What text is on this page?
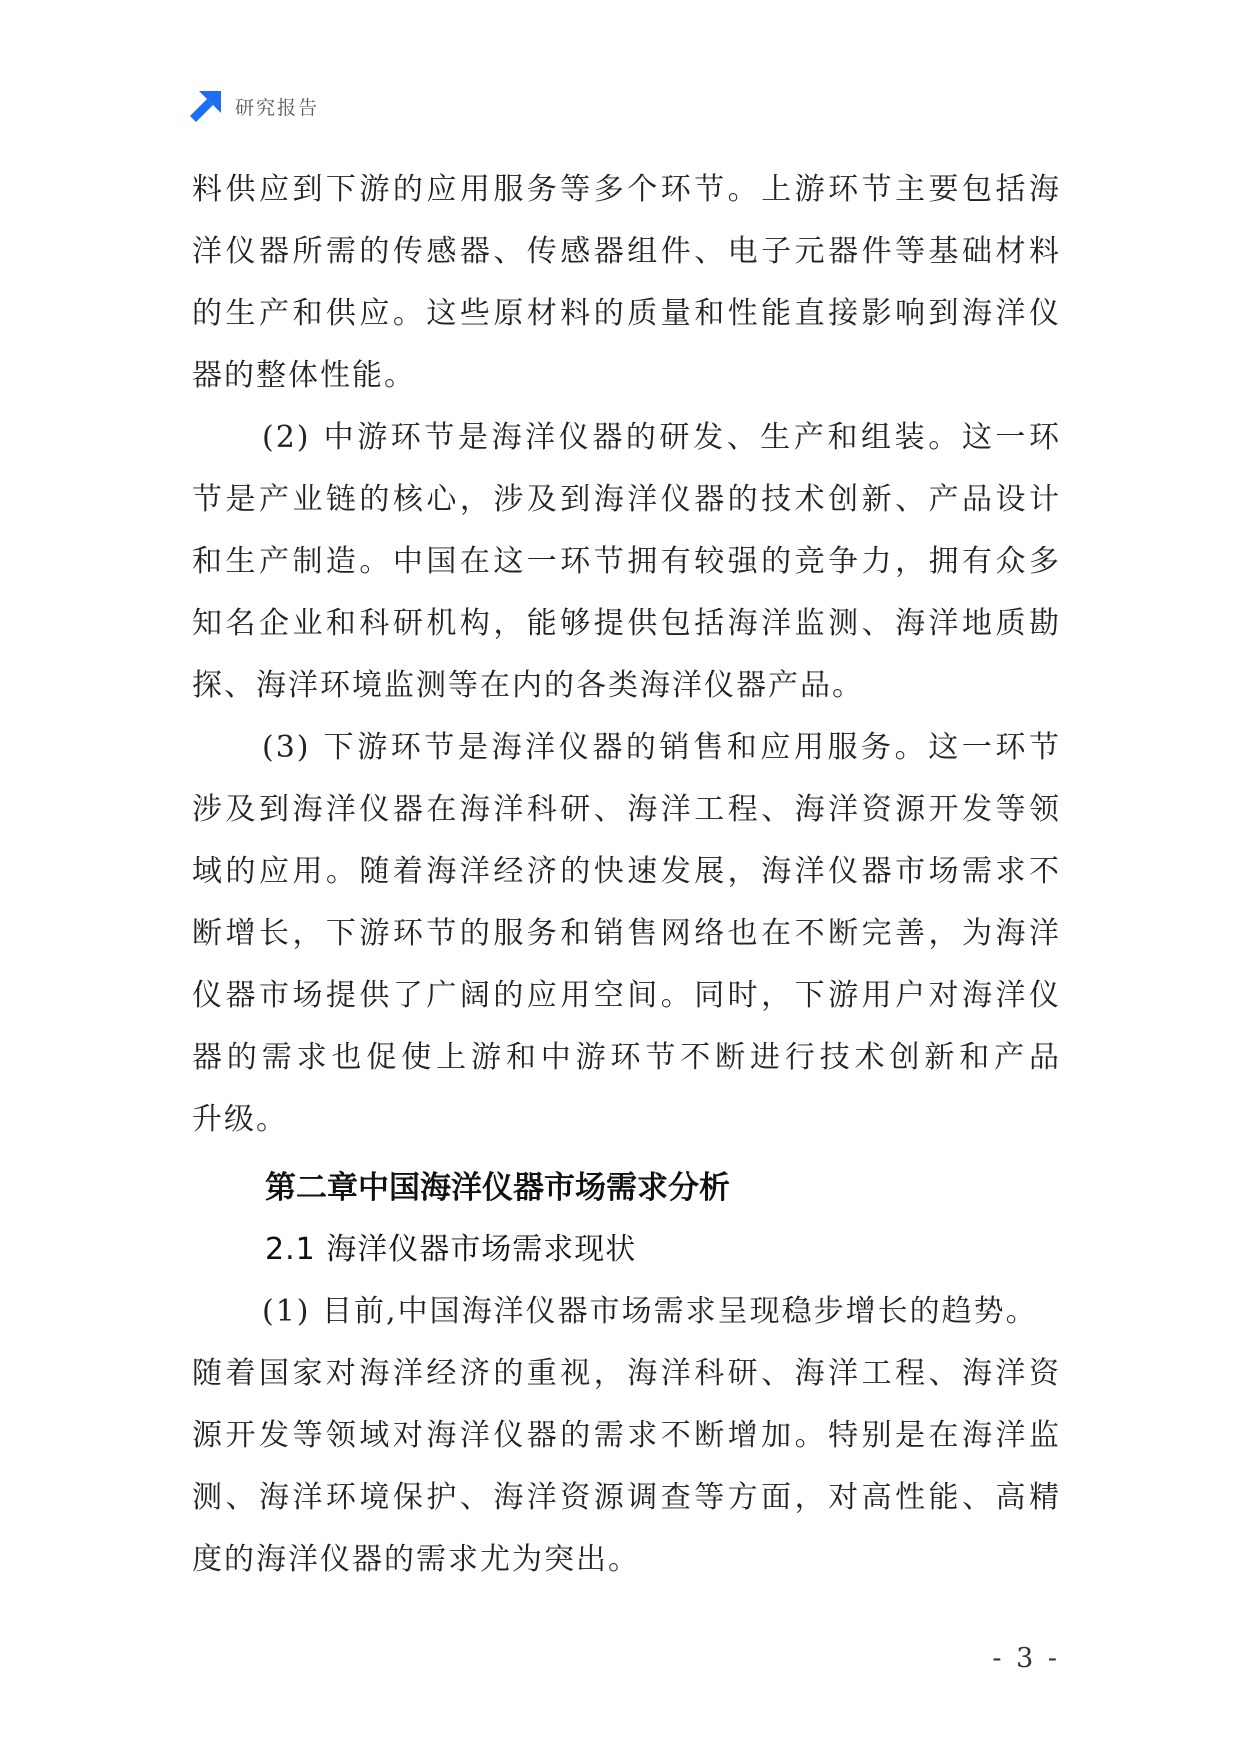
研究报告
料供应到下游的应用服务等多个环节。上游环节主要包括海
洋仪器所需的传感器、传感器组件、电子元器件等基础材料
的生产和供应。这些原材料的质量和性能直接影响到海洋仪
器的整体性能。
(2) 中游环节是海洋仪器的研发、生产和组装。这一环
节是产业链的核心，涉及到海洋仪器的技术创新、产品设计
和生产制造。中国在这一环节拥有较强的竞争力，拥有众多
知名企业和科研机构，能够提供包括海洋监测、海洋地质勘
探、海洋环境监测等在内的各类海洋仪器产品。
(3) 下游环节是海洋仪器的销售和应用服务。这一环节
涉及到海洋仪器在海洋科研、海洋工程、海洋资源开发等领
域的应用。随着海洋经济的快速发展，海洋仪器市场需求不
断增长，下游环节的服务和销售网络也在不断完善，为海洋
仪器市场提供了广阔的应用空间。同时，下游用户对海洋仪
器的需求也促使上游和中游环节不断进行技术创新和产品
升级。
第二章中国海洋仪器市场需求分析
2.1 海洋仪器市场需求现状
(1) 目前,中国海洋仪器市场需求呈现稳步增长的趋势。
随着国家对海洋经济的重视，海洋科研、海洋工程、海洋资
源开发等领域对海洋仪器的需求不断增加。特别是在海洋监
测、海洋环境保护、海洋资源调查等方面，对高性能、高精
度的海洋仪器的需求尤为突出。
- 3 -
